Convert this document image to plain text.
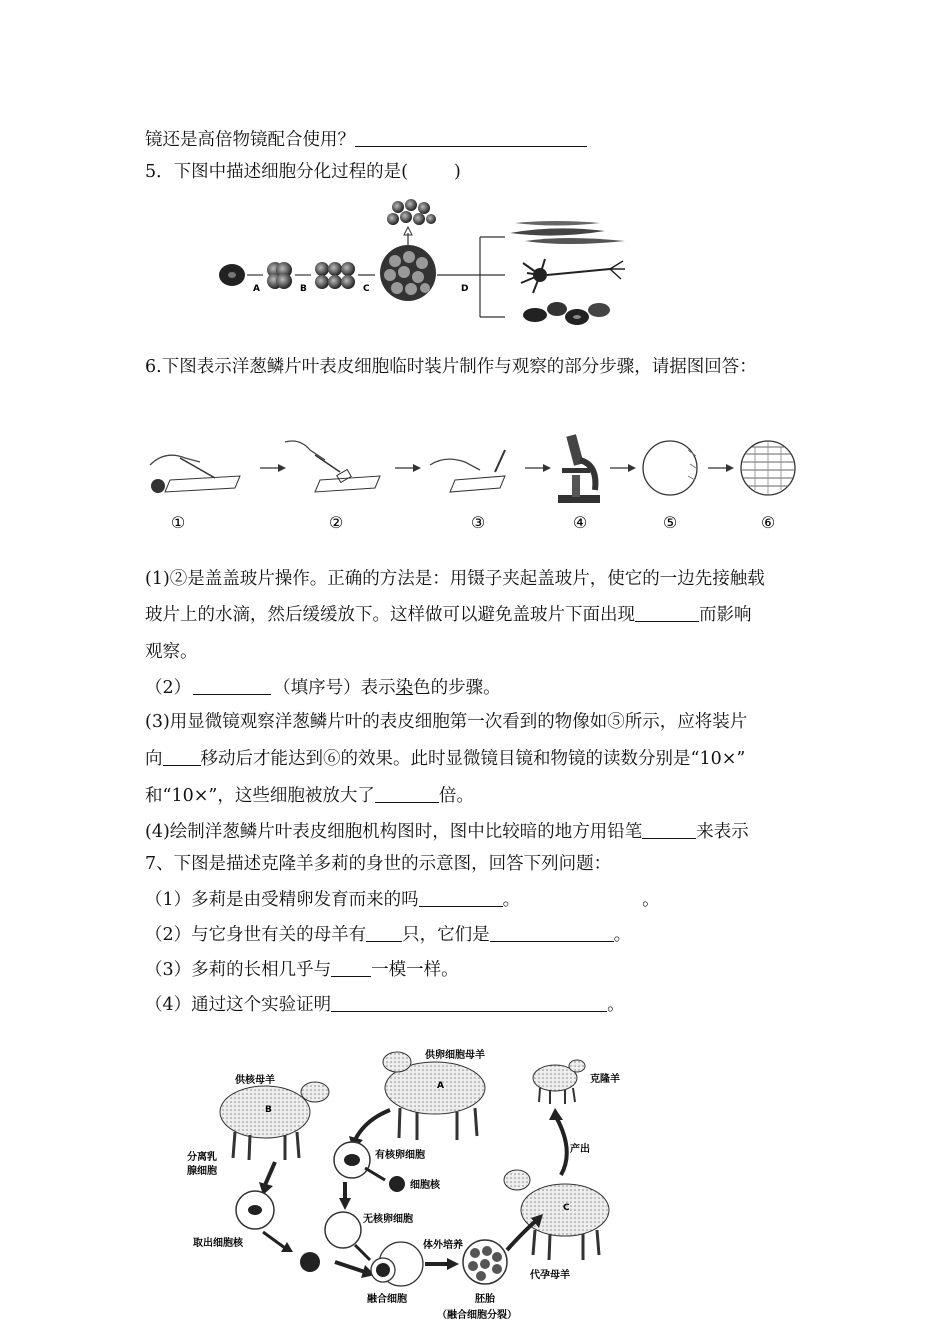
镜还是高倍物镜配合使用？
5．下图中描述细胞分化过程的是(	)
A	B	C	D
6.下图表示洋葱鳞片叶表皮细胞临时装片制作与观察的部分步骤，请据图回答：
①	②	③	④	⑤	⑥
(1)②是盖盖玻片操作。正确的方法是：用镊子夹起盖玻片，使它的一边先接触载
玻片上的水滴，然后缓缓放下。这样做可以避免盖玻片下面出现	而影响
观察。
（2）	（填序号）表示染色的步骤。
(3)用显微镜观察洋葱鳞片叶的表皮细胞第一次看到的物像如⑤所示，应将装片
向 移动后才能达到⑥的效果。此时显微镜目镜和物镜的读数分别是“10×”
和“10×”，这些细胞被放大了	倍。
(4)绘制洋葱鳞片叶表皮细胞机构图时，图中比较暗的地方用铅笔	来表示
7、下图是描述克隆羊多莉的身世的示意图，回答下列问题：
（1）多莉是由受精卵发育而来的吗	。	。
（2）与它身世有关的母羊有 只，它们是	。
（3）多莉的长相几乎与 一模一样。
（4）通过这个实验证明	。
B
供核母羊	A
供卵细胞母羊
克隆羊
C
代孕母羊
产出
分离乳
腺细胞
取出细胞核
有核卵细胞
细胞核
无核卵细胞
融合细胞
体外培养
胚胎
（融合细胞分裂）
